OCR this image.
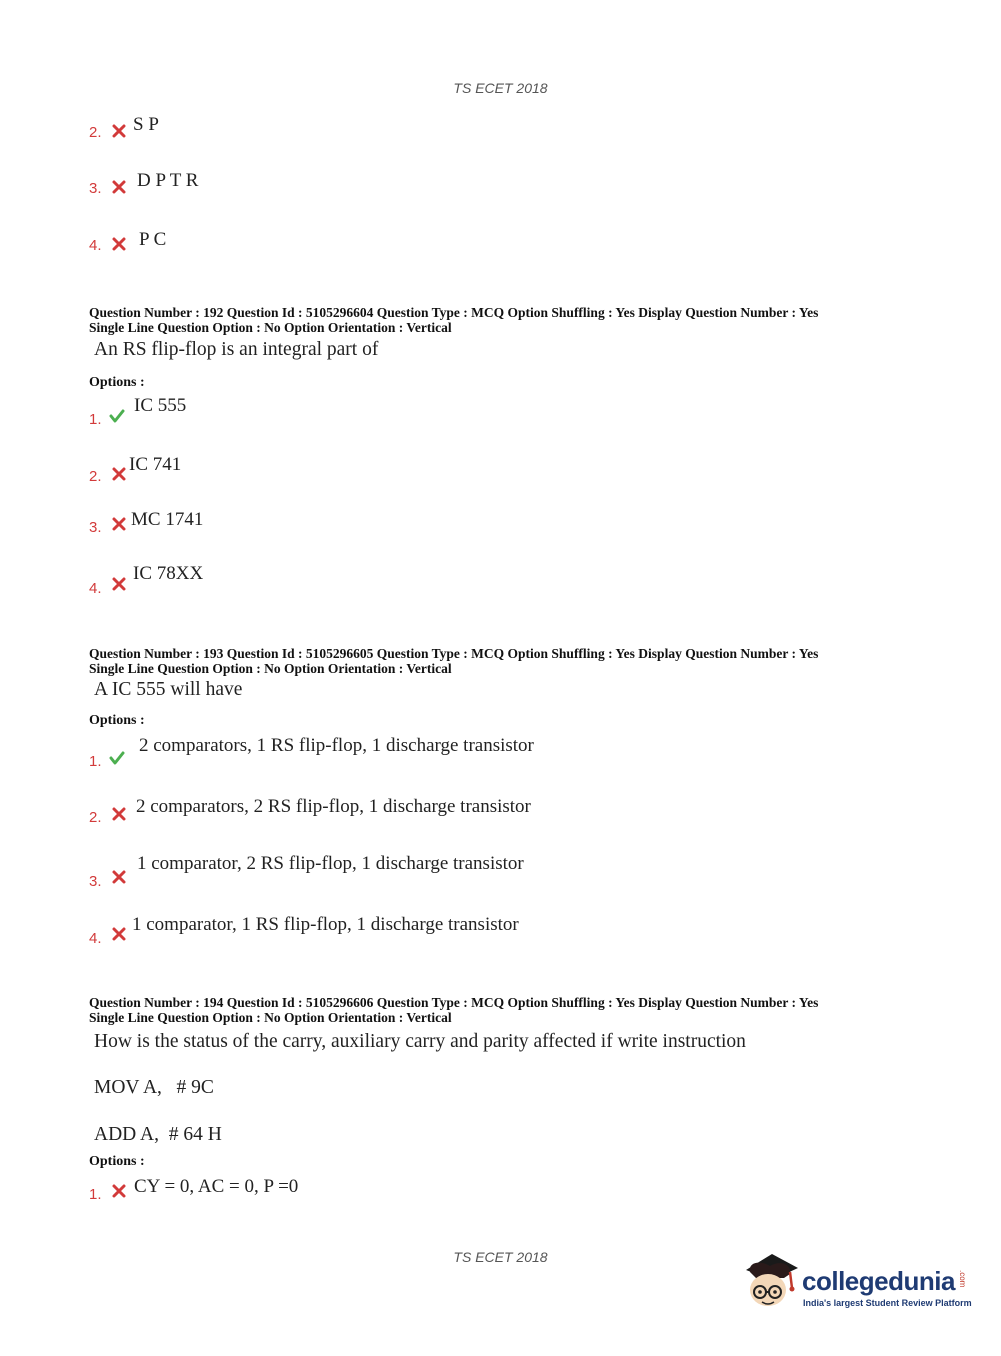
TS ECET 2018
2. S P
3. D P T R
4. P C
Question Number : 192 Question Id : 5105296604 Question Type : MCQ Option Shuffling : Yes Display Question Number : Yes
Single Line Question Option : No Option Orientation : Vertical
An RS flip-flop is an integral part of
Options :
1.
IC 555
2.
IC 741
3. MC 1741
4.
IC 78XX
Question Number : 193 Question Id : 5105296605 Question Type : MCQ Option Shuffling : Yes Display Question Number : Yes
Single Line Question Option : No Option Orientation : Vertical
A IC 555 will have
Options :
1.
2 comparators, 1 RS flip-flop, 1 discharge transistor
2.
2 comparators, 2 RS flip-flop, 1 discharge transistor
3.
1 comparator, 2 RS flip-flop, 1 discharge transistor
4.
1 comparator, 1 RS flip-flop, 1 discharge transistor
Question Number : 194 Question Id : 5105296606 Question Type : MCQ Option Shuffling : Yes Display Question Number : Yes
Single Line Question Option : No Option Orientation : Vertical
How is the status of the carry, auxiliary carry and parity affected if write instruction
MOV A,   # 9C
ADD A,  # 64 H
Options :
1. CY = 0, AC = 0, P =0
TS ECET 2018
collegedunia .com
India's largest Student Review Platform
